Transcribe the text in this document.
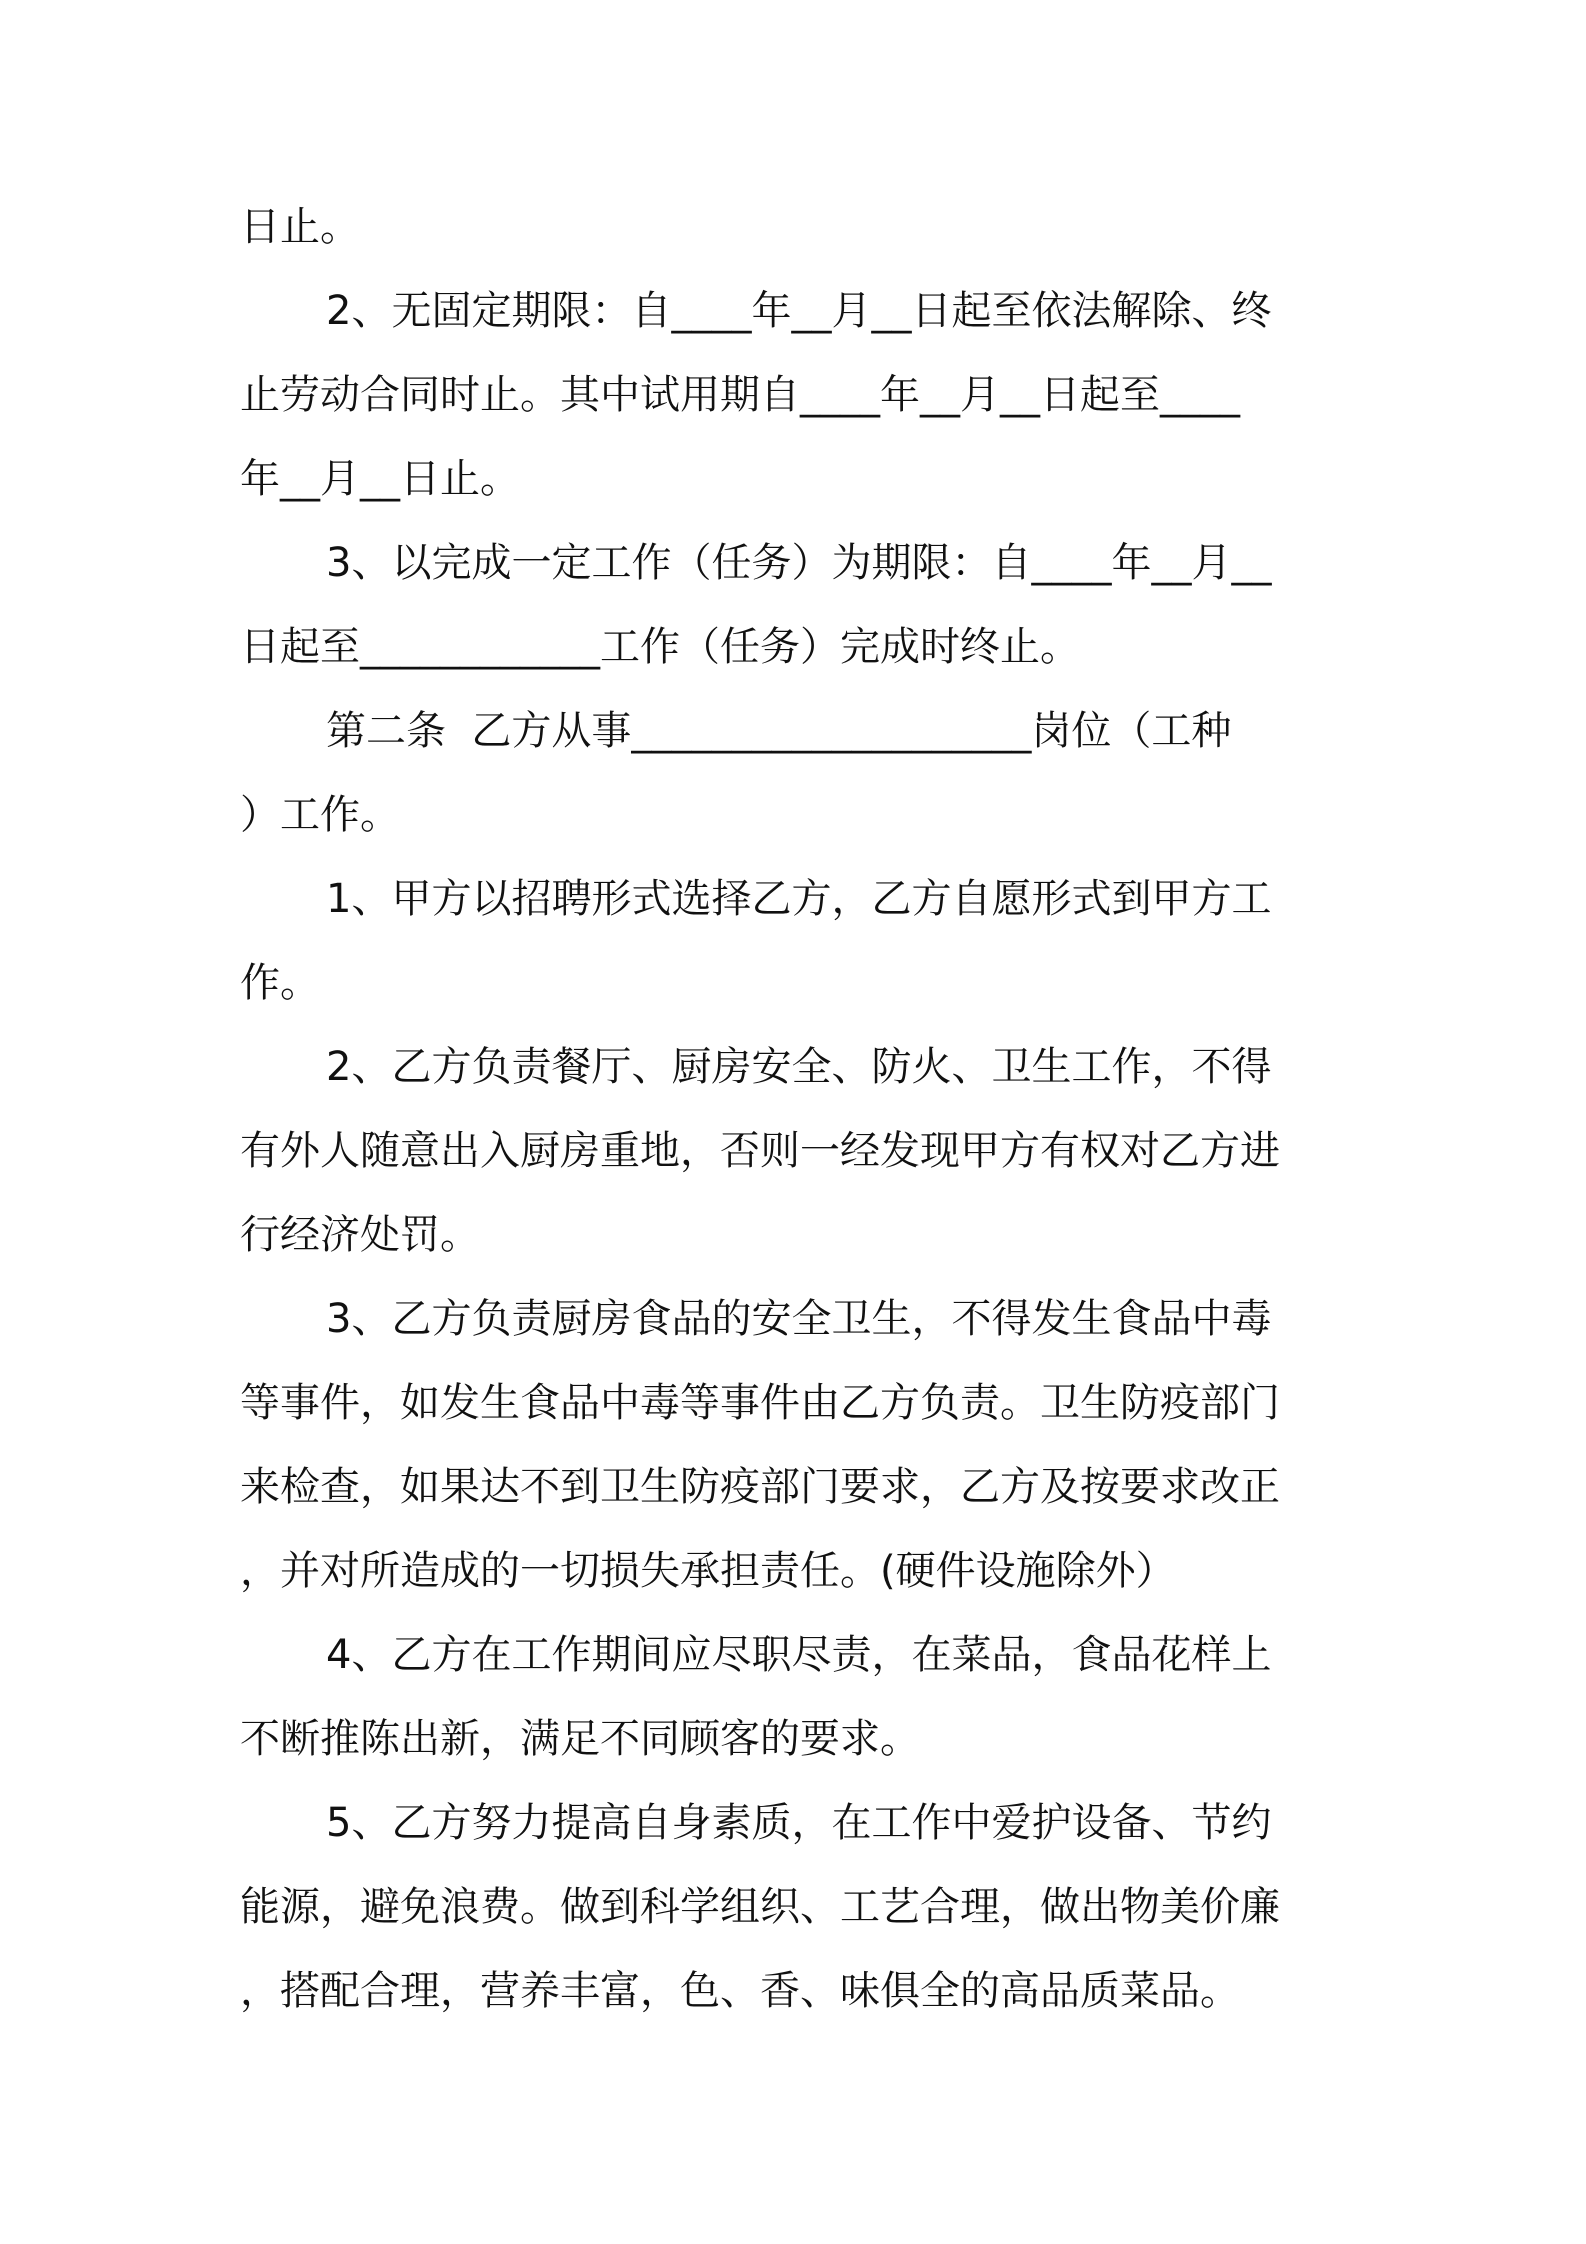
日止。

2、无固定期限：自____年__月__日起至依法解除、终

止劳动合同时止。其中试用期自____年__月__日起至____

年__月__日止。

3、以完成一定工作（任务）为期限：自____年__月__

日起至____________工作（任务）完成时终止。

第二条  乙方从事____________________岗位（工种

）工作。

1、甲方以招聘形式选择乙方，乙方自愿形式到甲方工

作。

2、乙方负责餐厅、厨房安全、防火、卫生工作，不得

有外人随意出入厨房重地，否则一经发现甲方有权对乙方进

行经济处罚。

3、乙方负责厨房食品的安全卫生，不得发生食品中毒

等事件，如发生食品中毒等事件由乙方负责。卫生防疫部门

来检查，如果达不到卫生防疫部门要求，乙方及按要求改正

，并对所造成的一切损失承担责任。(硬件设施除外）

4、乙方在工作期间应尽职尽责，在菜品，食品花样上

不断推陈出新，满足不同顾客的要求。

5、乙方努力提高自身素质，在工作中爱护设备、节约

能源，避免浪费。做到科学组织、工艺合理，做出物美价廉

，搭配合理，营养丰富，色、香、味俱全的高品质菜品。
